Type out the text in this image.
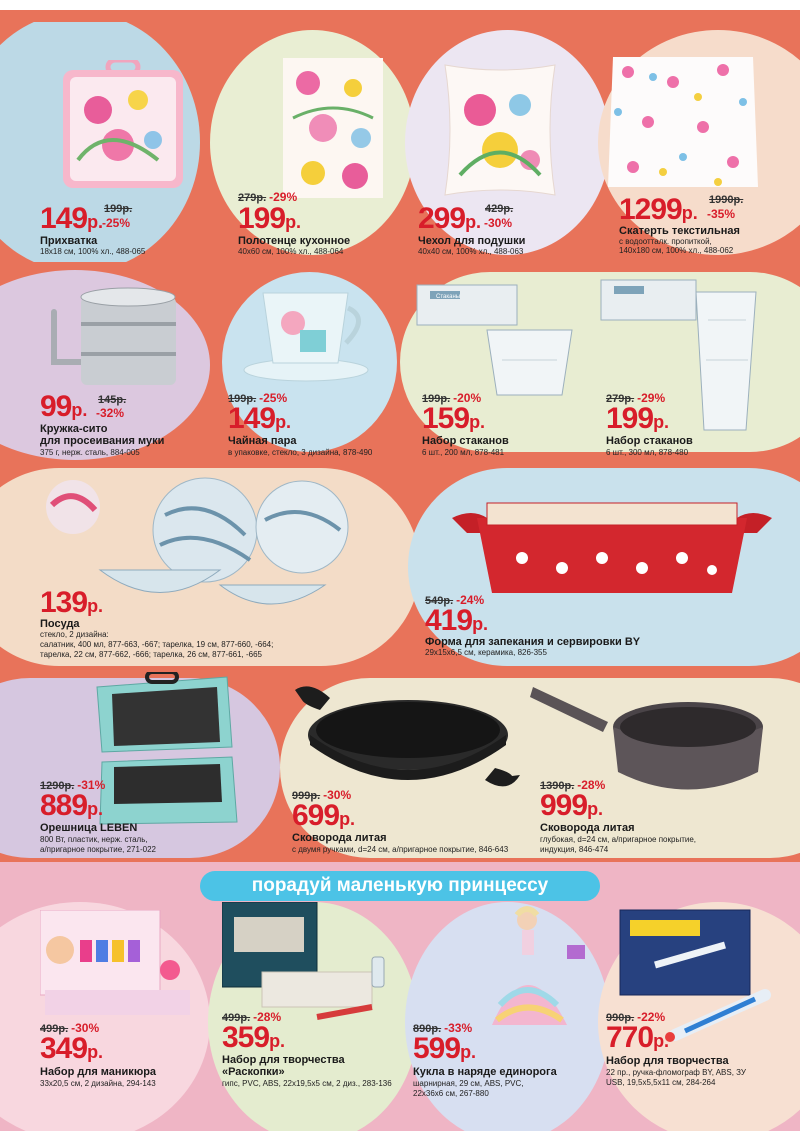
порадуй маленькую принцессу
Стаканы
149р.
199р.
-25%
Прихватка
18x18 см, 100% хл., 488-065
279р. -29%
199р.
Полотенце кухонное
40x60 см, 100% хл., 488-064
299р.
429р.
-30%
Чехол для подушки
40x40 см, 100% хл., 488-063
1299р.
1990р.
-35%
Скатерть текстильная
с водоотталк. пропиткой,
140x180 см, 100% хл., 488-062
99р. 145р.
-32%
Кружка-сито
для просеивания муки
375 г, нерж. сталь, 884-005
199р. -25%
149р.
Чайная пара
в упаковке, стекло, 3 дизайна, 878-490
199р. -20%
159р.
Набор стаканов
6 шт., 200 мл, 878-481
279р. -29%
199р.
Набор стаканов
6 шт., 300 мл, 878-480
139р.
Посуда
стекло, 2 дизайна:
салатник, 400 мл, 877-663, -667; тарелка, 19 см, 877-660, -664;
тарелка, 22 см, 877-662, -666; тарелка, 26 см, 877-661, -665
549р. -24%
419р.
Форма для запекания и сервировки BY
29x15x6,5 см, керамика, 826-355
1290р. -31%
889р.
Орешница LEBEN
800 Вт, пластик, нерж. сталь,
а/пригарное покрытие, 271-022
999р. -30%
699р.
Сковорода литая
с двумя ручками, d=24 см, а/пригарное покрытие, 846-643
1390р. -28%
999р.
Сковорода литая
глубокая, d=24 см, а/пригарное покрытие,
индукция, 846-474
499р. -30%
349р.
Набор для маникюра
33x20,5 см, 2 дизайна, 294-143
499р. -28%
359р.
Набор для творчества
«Раскопки»
гипс, PVC, ABS, 22x19,5x5 см, 2 диз., 283-136
890р. -33%
599р.
Кукла в наряде единорога
шарнирная, 29 см, ABS, PVC,
22x36x6 см, 267-880
990р. -22%
770р.
Набор для творчества
22 пр., ручка-фломограф BY, ABS, ЗУ
USB, 19,5x5,5x11 см, 284-264
